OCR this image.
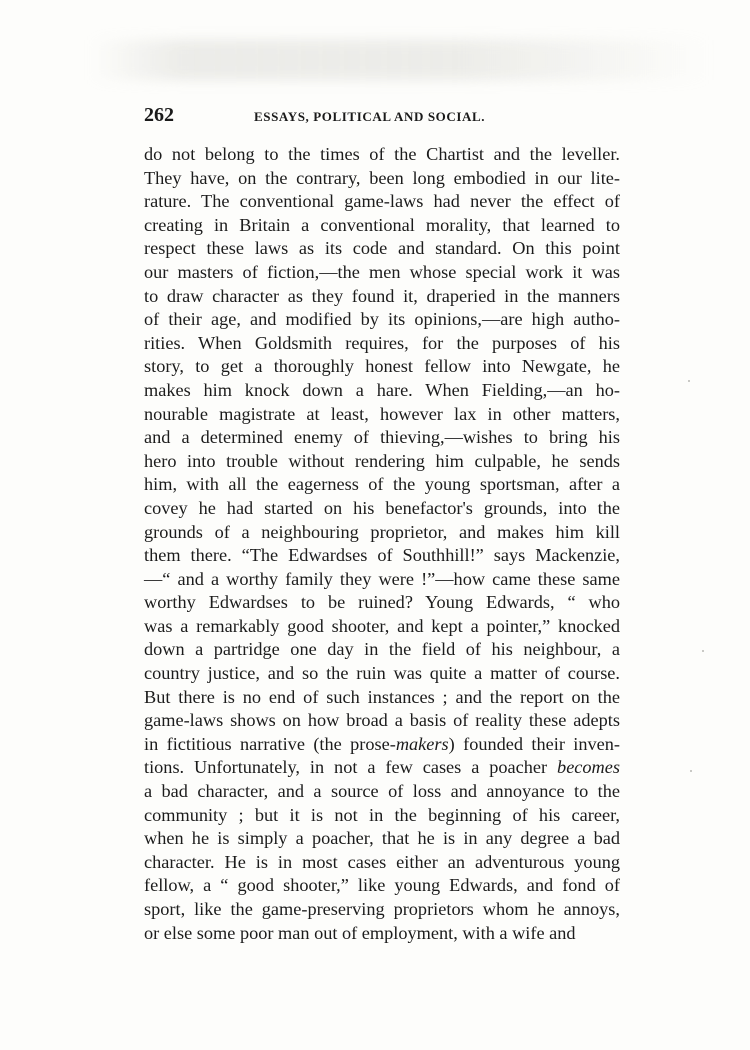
262	ESSAYS, POLITICAL AND SOCIAL.
do not belong to the times of the Chartist and the leveller.
They have, on the contrary, been long embodied in our lite-
rature. The conventional game-laws had never the effect of
creating in Britain a conventional morality, that learned to
respect these laws as its code and standard. On this point
our masters of fiction,—the men whose special work it was
to draw character as they found it, draperied in the manners
of their age, and modified by its opinions,—are high autho-
rities. When Goldsmith requires, for the purposes of his
story, to get a thoroughly honest fellow into Newgate, he
makes him knock down a hare. When Fielding,—an ho-
nourable magistrate at least, however lax in other matters,
and a determined enemy of thieving,—wishes to bring his
hero into trouble without rendering him culpable, he sends
him, with all the eagerness of the young sportsman, after a
covey he had started on his benefactor's grounds, into the
grounds of a neighbouring proprietor, and makes him kill
them there. “The Edwardses of Southhill!” says Mackenzie,
—“ and a worthy family they were !”—how came these same
worthy Edwardses to be ruined? Young Edwards, “ who
was a remarkably good shooter, and kept a pointer,” knocked
down a partridge one day in the field of his neighbour, a
country justice, and so the ruin was quite a matter of course.
But there is no end of such instances ; and the report on the
game-laws shows on how broad a basis of reality these adepts
in fictitious narrative (the prose-makers) founded their inven-
tions. Unfortunately, in not a few cases a poacher becomes
a bad character, and a source of loss and annoyance to the
community ; but it is not in the beginning of his career,
when he is simply a poacher, that he is in any degree a bad
character. He is in most cases either an adventurous young
fellow, a “ good shooter,” like young Edwards, and fond of
sport, like the game-preserving proprietors whom he annoys,
or else some poor man out of employment, with a wife and
